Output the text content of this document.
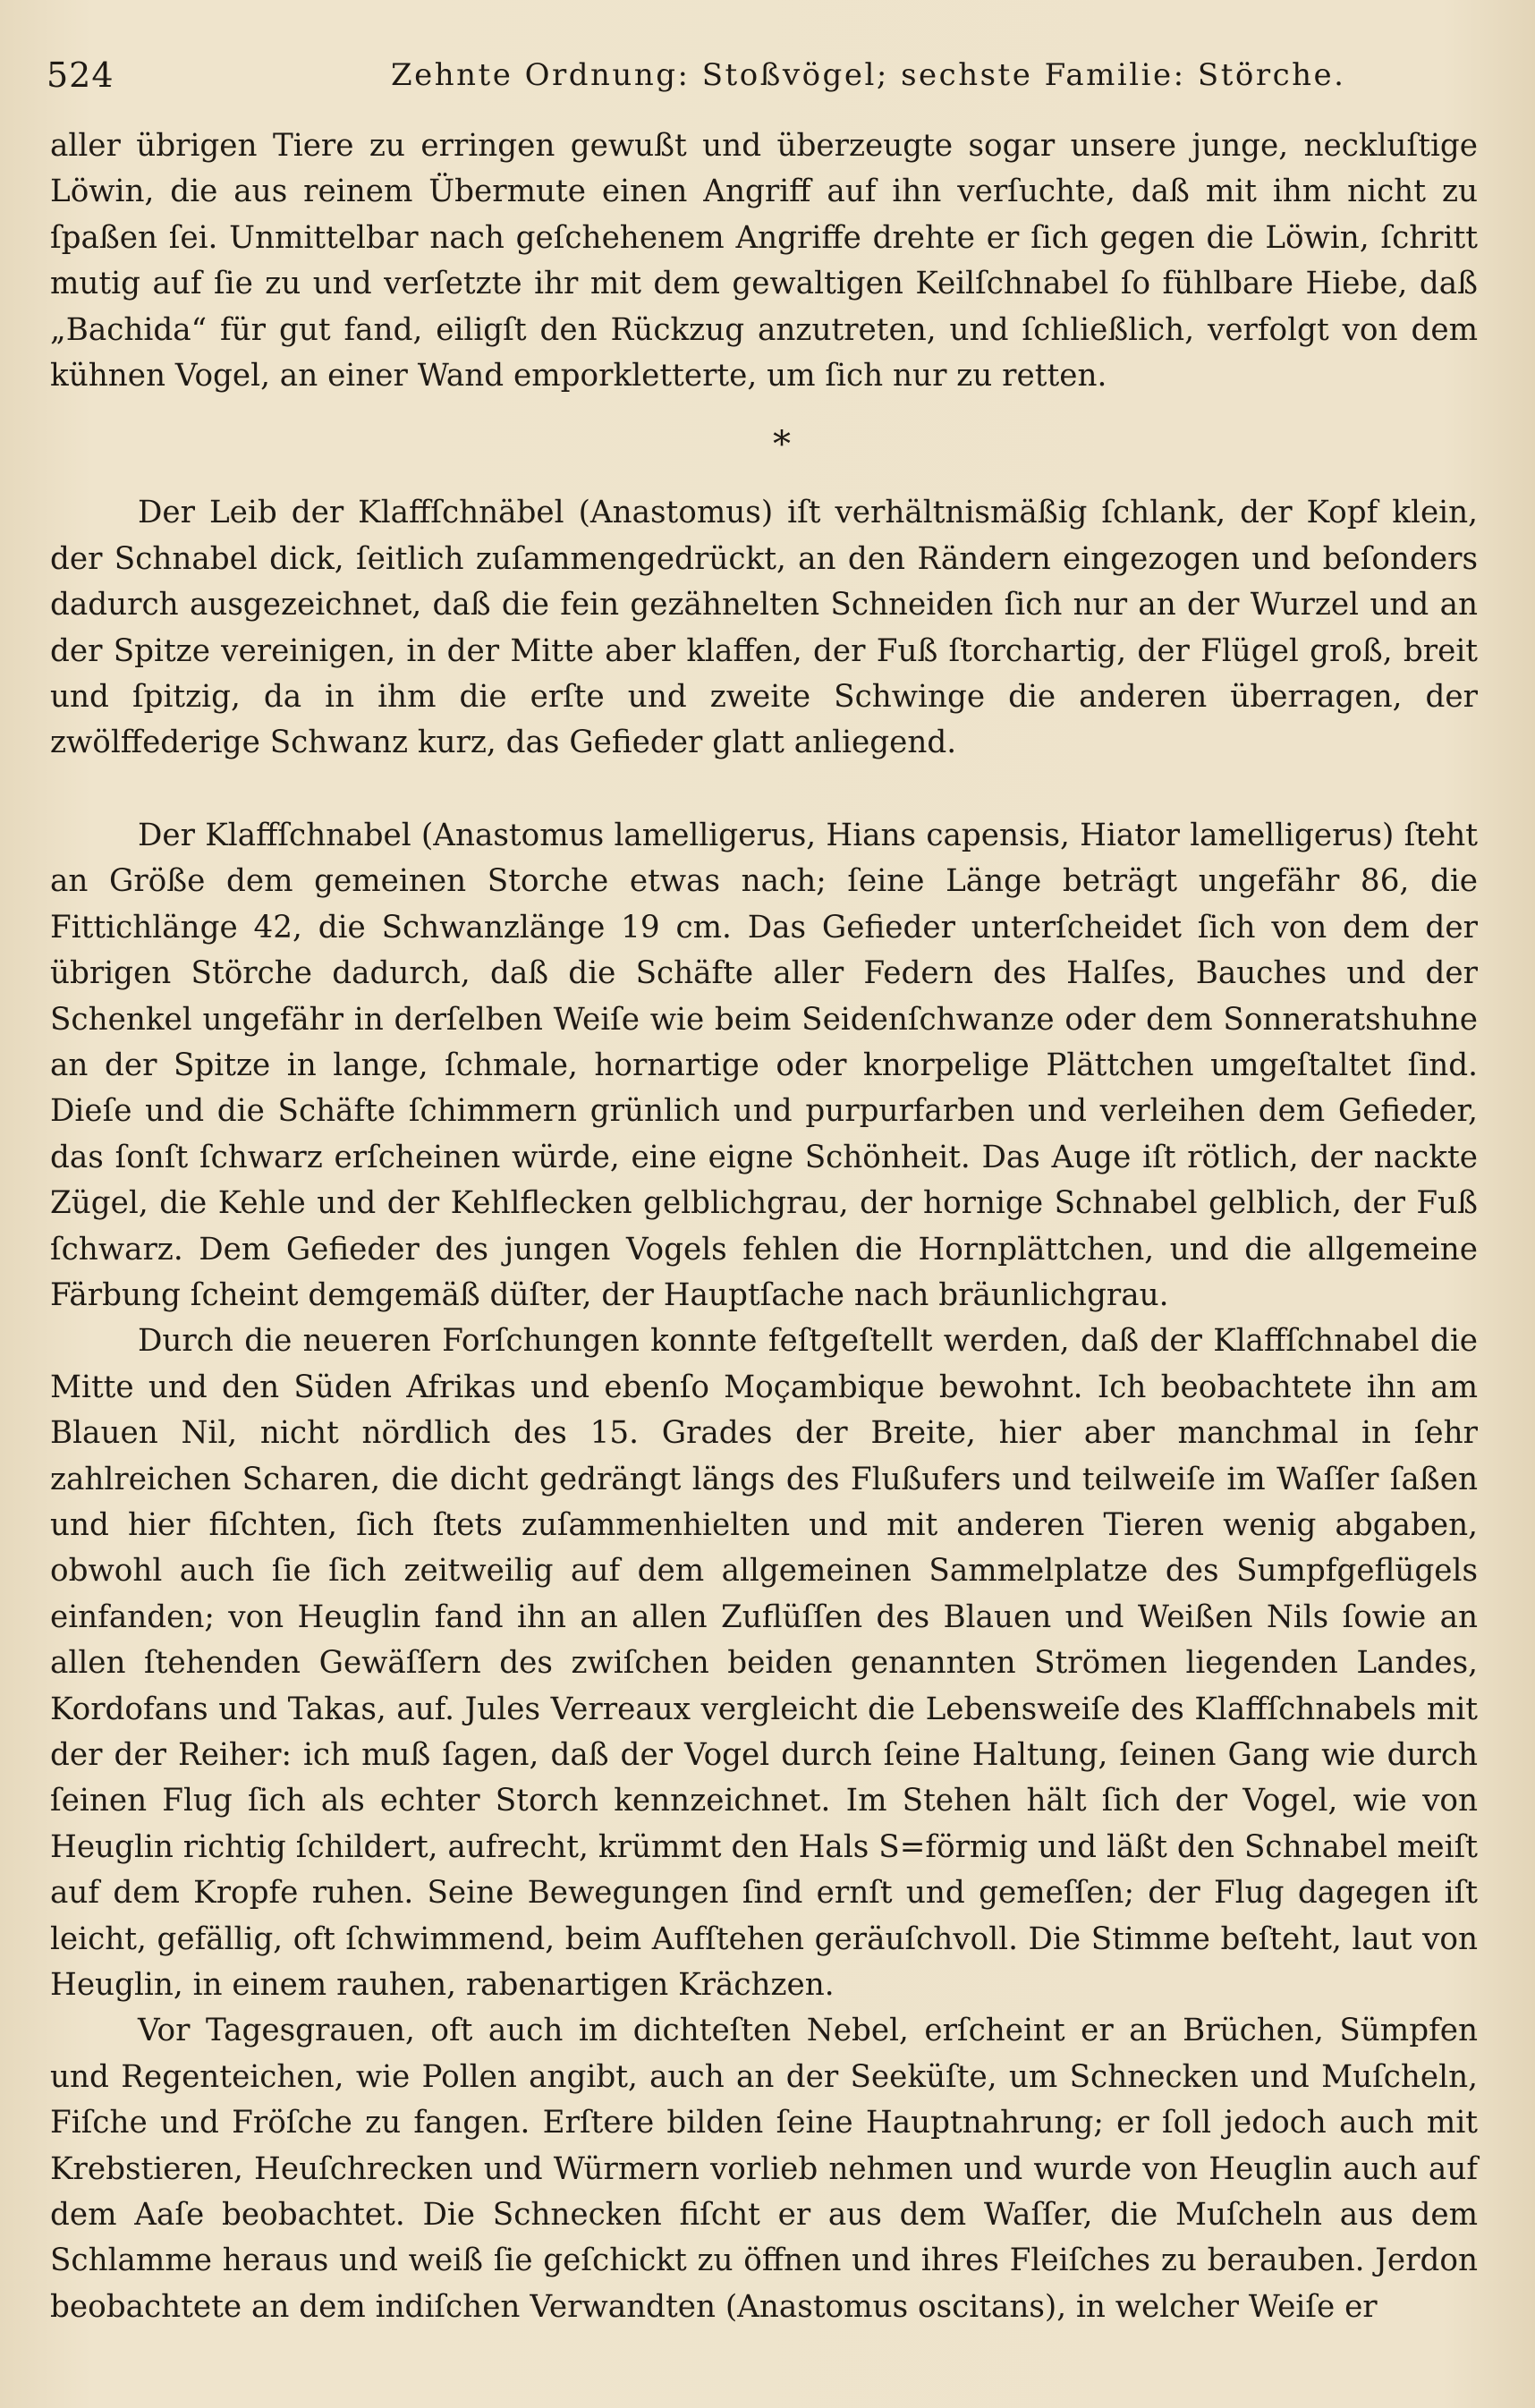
524	Zehnte Ordnung: Stoßvögel; sechste Familie: Störche.

aller übrigen Tiere zu erringen gewußt und überzeugte sogar unsere junge, neckluſtige Löwin, die aus reinem Übermute einen Angriff auf ihn verſuchte, daß mit ihm nicht zu ſpaßen ſei. Unmittelbar nach geſchehenem Angriffe drehte er ſich gegen die Löwin, ſchritt mutig auf ſie zu und verſetzte ihr mit dem gewaltigen Keilſchnabel ſo fühlbare Hiebe, daß „Bachida“ für gut fand, eiligſt den Rückzug anzutreten, und ſchließlich, verfolgt von dem kühnen Vogel, an einer Wand emporkletterte, um ſich nur zu retten.

*

Der Leib der Klaffſchnäbel (Anastomus) iſt verhältnismäßig ſchlank, der Kopf klein, der Schnabel dick, ſeitlich zuſammengedrückt, an den Rändern eingezogen und beſonders dadurch ausgezeichnet, daß die fein gezähnelten Schneiden ſich nur an der Wurzel und an der Spitze vereinigen, in der Mitte aber klaffen, der Fuß ſtorchartig, der Flügel groß, breit und ſpitzig, da in ihm die erſte und zweite Schwinge die anderen überragen, der zwölffederige Schwanz kurz, das Gefieder glatt anliegend.

Der Klaffſchnabel (Anastomus lamelligerus, Hians capensis, Hiator lamelligerus) ſteht an Größe dem gemeinen Storche etwas nach; ſeine Länge beträgt ungefähr 86, die Fittichlänge 42, die Schwanzlänge 19 cm. Das Gefieder unterſcheidet ſich von dem der übrigen Störche dadurch, daß die Schäfte aller Federn des Halſes, Bauches und der Schenkel ungefähr in derſelben Weiſe wie beim Seidenſchwanze oder dem Sonneratshuhne an der Spitze in lange, ſchmale, hornartige oder knorpelige Plättchen umgeſtaltet ſind. Dieſe und die Schäfte ſchimmern grünlich und purpurfarben und verleihen dem Gefieder, das ſonſt ſchwarz erſcheinen würde, eine eigne Schönheit. Das Auge iſt rötlich, der nackte Zügel, die Kehle und der Kehlflecken gelblichgrau, der hornige Schnabel gelblich, der Fuß ſchwarz. Dem Gefieder des jungen Vogels fehlen die Hornplättchen, und die allgemeine Färbung ſcheint demgemäß düſter, der Hauptſache nach bräunlichgrau.

Durch die neueren Forſchungen konnte feſtgeſtellt werden, daß der Klaffſchnabel die Mitte und den Süden Afrikas und ebenſo Moçambique bewohnt. Ich beobachtete ihn am Blauen Nil, nicht nördlich des 15. Grades der Breite, hier aber manchmal in ſehr zahlreichen Scharen, die dicht gedrängt längs des Flußufers und teilweiſe im Waſſer ſaßen und hier fiſchten, ſich ſtets zuſammenhielten und mit anderen Tieren wenig abgaben, obwohl auch ſie ſich zeitweilig auf dem allgemeinen Sammelplatze des Sumpfgeflügels einfanden; von Heuglin fand ihn an allen Zuflüſſen des Blauen und Weißen Nils ſowie an allen ſtehenden Gewäſſern des zwiſchen beiden genannten Strömen liegenden Landes, Kordofans und Takas, auf. Jules Verreaux vergleicht die Lebensweiſe des Klaffſchnabels mit der der Reiher: ich muß ſagen, daß der Vogel durch ſeine Haltung, ſeinen Gang wie durch ſeinen Flug ſich als echter Storch kennzeichnet. Im Stehen hält ſich der Vogel, wie von Heuglin richtig ſchildert, aufrecht, krümmt den Hals S=förmig und läßt den Schnabel meiſt auf dem Kropfe ruhen. Seine Bewegungen ſind ernſt und gemeſſen; der Flug dagegen iſt leicht, gefällig, oft ſchwimmend, beim Aufſtehen geräuſchvoll. Die Stimme beſteht, laut von Heuglin, in einem rauhen, rabenartigen Krächzen.

Vor Tagesgrauen, oft auch im dichteſten Nebel, erſcheint er an Brüchen, Sümpfen und Regenteichen, wie Pollen angibt, auch an der Seeküſte, um Schnecken und Muſcheln, Fiſche und Fröſche zu fangen. Erſtere bilden ſeine Hauptnahrung; er ſoll jedoch auch mit Krebstieren, Heuſchrecken und Würmern vorlieb nehmen und wurde von Heuglin auch auf dem Aaſe beobachtet. Die Schnecken fiſcht er aus dem Waſſer, die Muſcheln aus dem Schlamme heraus und weiß ſie geſchickt zu öffnen und ihres Fleiſches zu berauben. Jerdon beobachtete an dem indiſchen Verwandten (Anastomus oscitans), in welcher Weiſe er
